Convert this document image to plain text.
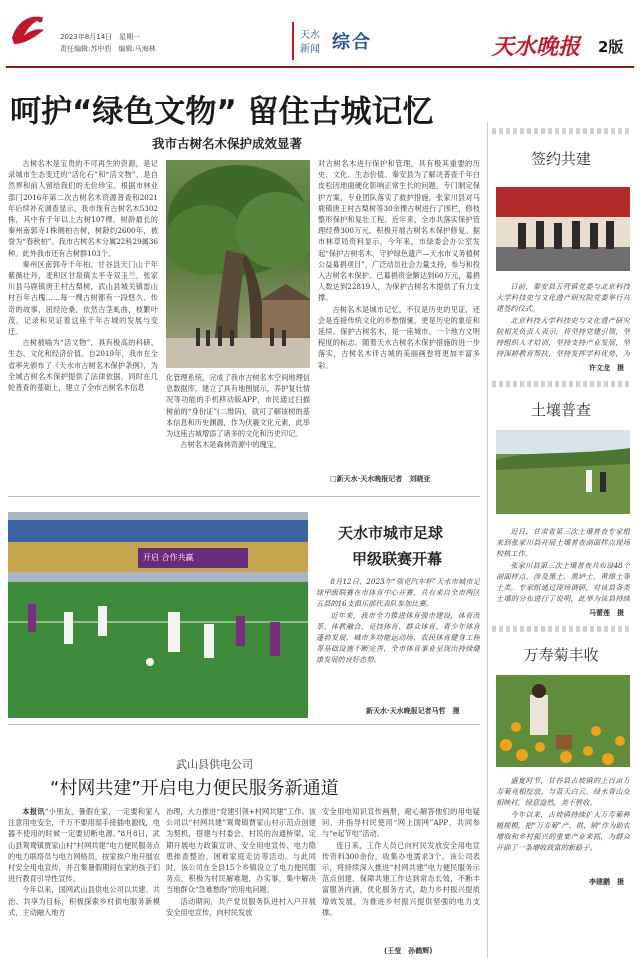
2023年8月14日　星期一
责任编辑:苏中豹　编辑:马海林
天水
新闻 综合	天水晚报 2版
呵护“绿色文物” 留住古城记忆
我市古树名木保护成效显著

古树名木是宝贵的不可再生的资源，是记录城市生态变迁的“活化石”和“活文物”，是自然界和前人留给我们的无价珍宝。根据市林业部门2016年第二次古树名木资源普查和2021年后续补充调查显示，我市现有古树名木5302株，其中有千年以上古树107棵，树龄最长的秦州南郭寺1株侧柏古树，树龄约2600年，被誉为“春秋柏”。我市古树名木分属22科29属36种。此外我市还有古树群103个。

秦州区南郭寺千年柏、甘谷县天门山千年紫薇壮丹，麦积区甘泉镇太平寺双玉兰，张家川县马鹿镇唐王村古梨树，武山县城关镇雷山村百年古槐……每一棵古树都有一段悠久、传奇的故事，屈经沧桑，依然古茎虬曲，枝繁叶茂，记录和见证着这座千年古城的发展与变迁。

古树被喻为“活文物”，具有极高的科研、生态、文化和经济价值。自2019年，我市在全省率先颁布了《天水市古树名木保护条例》，为全城古树名木保护提供了法律依据，同时在几轮普查的基础上，建立了全市古树名木信息

化管理系统，完成了我市古树名木空间地理信息数据库，建立了具有地图展示，养护复壮情况等功能的手机移动版APP，市民通过扫描树前的“身份证”(二维码)，就可了解该树的基本信息和历史渊源，作为伏羲文化元素，此举为这座古城增添了诸多的文化和历史印记。

古树名木是森林资源中的瑰宝，

对古树名木进行保护和管理，具有极其重要的历史、文化、生态价值。秦安县为了解决普查千年白皮松因地面硬化影响正常生长的问题，专门制定保护方案，专业团队落实了救护措施。张家川县对马鹿镇唐王村古梨树等30余棵古树进行了围栏，修枝整形保护和复壮工程。近年来，全市共落实保护管理经费300万元，积极开展古树名木保护修复。据市林草局资料显示，今年来，市绿委会办公室发起“保护古树名木，守护绿色遗产—天水市义务植树公益募捐项目”，广泛动员社会力量支持，参与和投入古树名木保护。已募捐资金额达到60万元，募捐人数达到22819人，为保护古树名木提供了有力支撑。

古树名木是城市记忆，不仅是历史的见证，还会是连接传统文化的乡愁情愫，更是历史的象征和延续。保护古树名木，是一座城市、一个地方文明程度的标志。随着天水古树名木保护措施的进一步落实，古树名木伴古城的美丽画卷将更加丰富多彩。

□新天水·天水晚报记者　刘晓亚
开启 合作共赢
天水市城市足球
甲级联赛开幕

8月12日，2023年“领克汽车杯”天水市城市足球甲级联赛在市体育中心开赛，共有来自全市两区五县的16支俱乐部代表队参加比赛。

近年来，我市全力推进体育强市建设，体育改革、体教融合、竞技体育、群众体育、青少年体育蓬勃发展，城市多功能运动场、农民体育健身工程等基础设施不断完善，全市体育事业呈现出持续健康发展的良好态势。

新天水·天水晚报记者马哲　摄
武山县供电公司
“村网共建”开启电力便民服务新通道

本报讯“小朋友，暑假在家，一定要和家人注意用电安全，千万不要用湿手接插电源线，电器不使用的时候一定要切断电源。”8月8日，武山县鸳鸯镇贾家山村“村网共建”电力便民服务点的电力联络员与电力网格员，按家挨户地开展农村安全用电宣传，并召集暑假期间在家的孩子们进行教育引导性宣传。

今年以来，国网武山县供电公司以共建、共治、共享为目标，积极探索乡村供电服务新模式，主动融入地方

治理，大力推进“党建引领+村网共建”工作。该公司以“村网共建”鸳鸯镇贾家山村示范点创建为契机，搭建与村委会、村民的沟通桥梁，定期开展电力政策宣讲、安全用电宣传、电力隐患排查整治、困难家庭走访等活动。与此同时，该公司在全县15个乡镇设立了电力便民服务点，积极为村民解难题，办实事，集中解决当地群众“急难愁盼”的用电问题。

活动期间，共产党员服务队进村入户开展安全用电宣传，向村民发放

安全用电知识宣传画册，耐心解答他们的用电疑问，并指导村民使用“网上国网”APP，共同参与“e起节电”活动。

连日来，工作人员已向村民发放安全用电宣传资料300余份，收集办电需求3个。该公司表示，将持续深入推进“村网共建”电力便民服务示范点创建，保障共建工作达到常态长效，不断丰富服务内涵，优化服务方式，助力乡村振兴提质增效发展，为推进乡村振兴提供坚强的电力支撑。

(王莹　孙鹤辉)
签约共建

日前，秦安县五营镇党委与北京科技大学科技史与文化遗产研究院党委举行共建签约仪式。

北京科技大学科技史与文化遗产研究院相关负责人表示，将坚持党建引领，坚持组织人才培训，坚持支持产业发展，坚持深耕教育帮扶，坚持发挥学科优势，为

许文龙　摄
土壤普查

近日，甘肃省第三次土壤普查专家组来到张家川县开展土壤普查剖面样点现场校核工作。

张家川县第三次土壤普查共布设48个剖面样点，涉及黑土、黑垆土、黄绵土等土类。专家组通过现场调研，对该县各类土壤的分布进行了说明，此举为该县持续

马蕾莲　摄
万寿菊丰收

盛夏时节，甘谷县古坡镇的上百亩万寿菊竞相绽放，与蓝天白云、绿水青山交相映衬，绿意盎然，美不胜收。

今年以来，古坡镇持续扩大万寿菊种植规模，把“万寿菊”产、供、销“作为助农增收和乡村振兴的重要产业来抓，为群众开辟了一条增收致富的新路子。

李建鹏　摄
